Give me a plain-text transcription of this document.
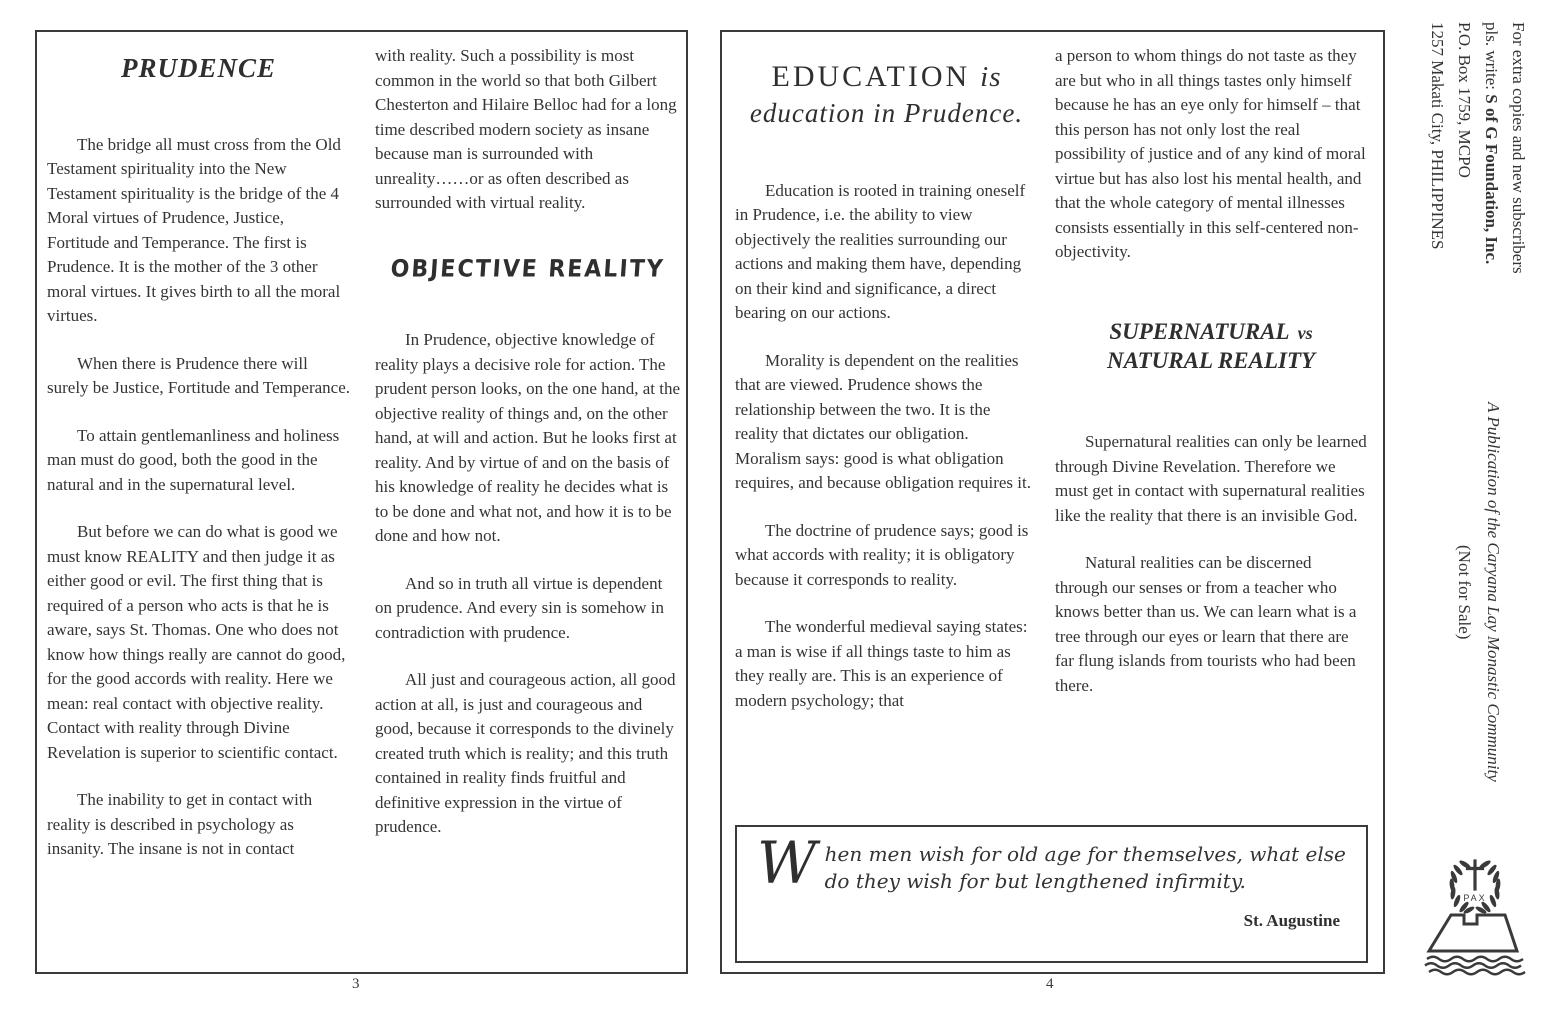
PRUDENCE

The bridge all must cross from the Old Testament spirituality into the New Testament spirituality is the bridge of the 4 Moral virtues of Prudence, Justice, Fortitude and Temperance. The first is Prudence. It is the mother of the 3 other moral virtues. It gives birth to all the moral virtues.

When there is Prudence there will surely be Justice, Fortitude and Temperance.

To attain gentlemanliness and holiness man must do good, both the good in the natural and in the supernatural level.

But before we can do what is good we must know REALITY and then judge it as either good or evil. The first thing that is required of a person who acts is that he is aware, says St. Thomas. One who does not know how things really are cannot do good, for the good accords with reality. Here we mean: real contact with objective reality. Contact with reality through Divine Revelation is superior to scientific contact.

The inability to get in contact with reality is described in psychology as insanity. The insane is not in contact

with reality. Such a possibility is most common in the world so that both Gilbert Chesterton and Hilaire Belloc had for a long time described modern society as insane because man is surrounded with unreality……or as often described as surrounded with virtual reality.

OBJECTIVE REALITY

In Prudence, objective knowledge of reality plays a decisive role for action. The prudent person looks, on the one hand, at the objective reality of things and, on the other hand, at will and action. But he looks first at reality. And by virtue of and on the basis of his knowledge of reality he decides what is to be done and what not, and how it is to be done and how not.

And so in truth all virtue is dependent on prudence. And every sin is somehow in contradiction with prudence.

All just and courageous action, all good action at all, is just and courageous and good, because it corresponds to the divinely created truth which is reality; and this truth contained in reality finds fruitful and definitive expression in the virtue of prudence.

3
EDUCATION is
education in Prudence.

Education is rooted in training oneself in Prudence, i.e. the ability to view objectively the realities surrounding our actions and making them have, depending on their kind and significance, a direct bearing on our actions.

Morality is dependent on the realities that are viewed. Prudence shows the relationship between the two. It is the reality that dictates our obligation. Moralism says: good is what obligation requires, and because obligation requires it.

The doctrine of prudence says; good is what accords with reality; it is obligatory because it corresponds to reality.

The wonderful medieval saying states: a man is wise if all things taste to him as they really are. This is an experience of modern psychology; that

a person to whom things do not taste as they are but who in all things tastes only himself because he has an eye only for himself – that this person has not only lost the real possibility of justice and of any kind of moral virtue but has also lost his mental health, and that the whole category of mental illnesses consists essentially in this self-centered non-objectivity.

SUPERNATURAL vs
NATURAL REALITY

Supernatural realities can only be learned through Divine Revelation. Therefore we must get in contact with supernatural realities like the reality that there is an invisible God.

Natural realities can be discerned through our senses or from a teacher who knows better than us. We can learn what is a tree through our eyes or learn that there are far flung islands from tourists who had been there.

When men wish for old age for themselves, what else do they wish for but lengthened infirmity.
St. Augustine
4
For extra copies and new subscribers
pls. write: S of G Foundation, Inc.
P.O. Box 1759, MCPO
1257 Makati City, PHILIPPINES
A Publication of the Caryana Lay Monastic Community
(Not for Sale)
PAX
